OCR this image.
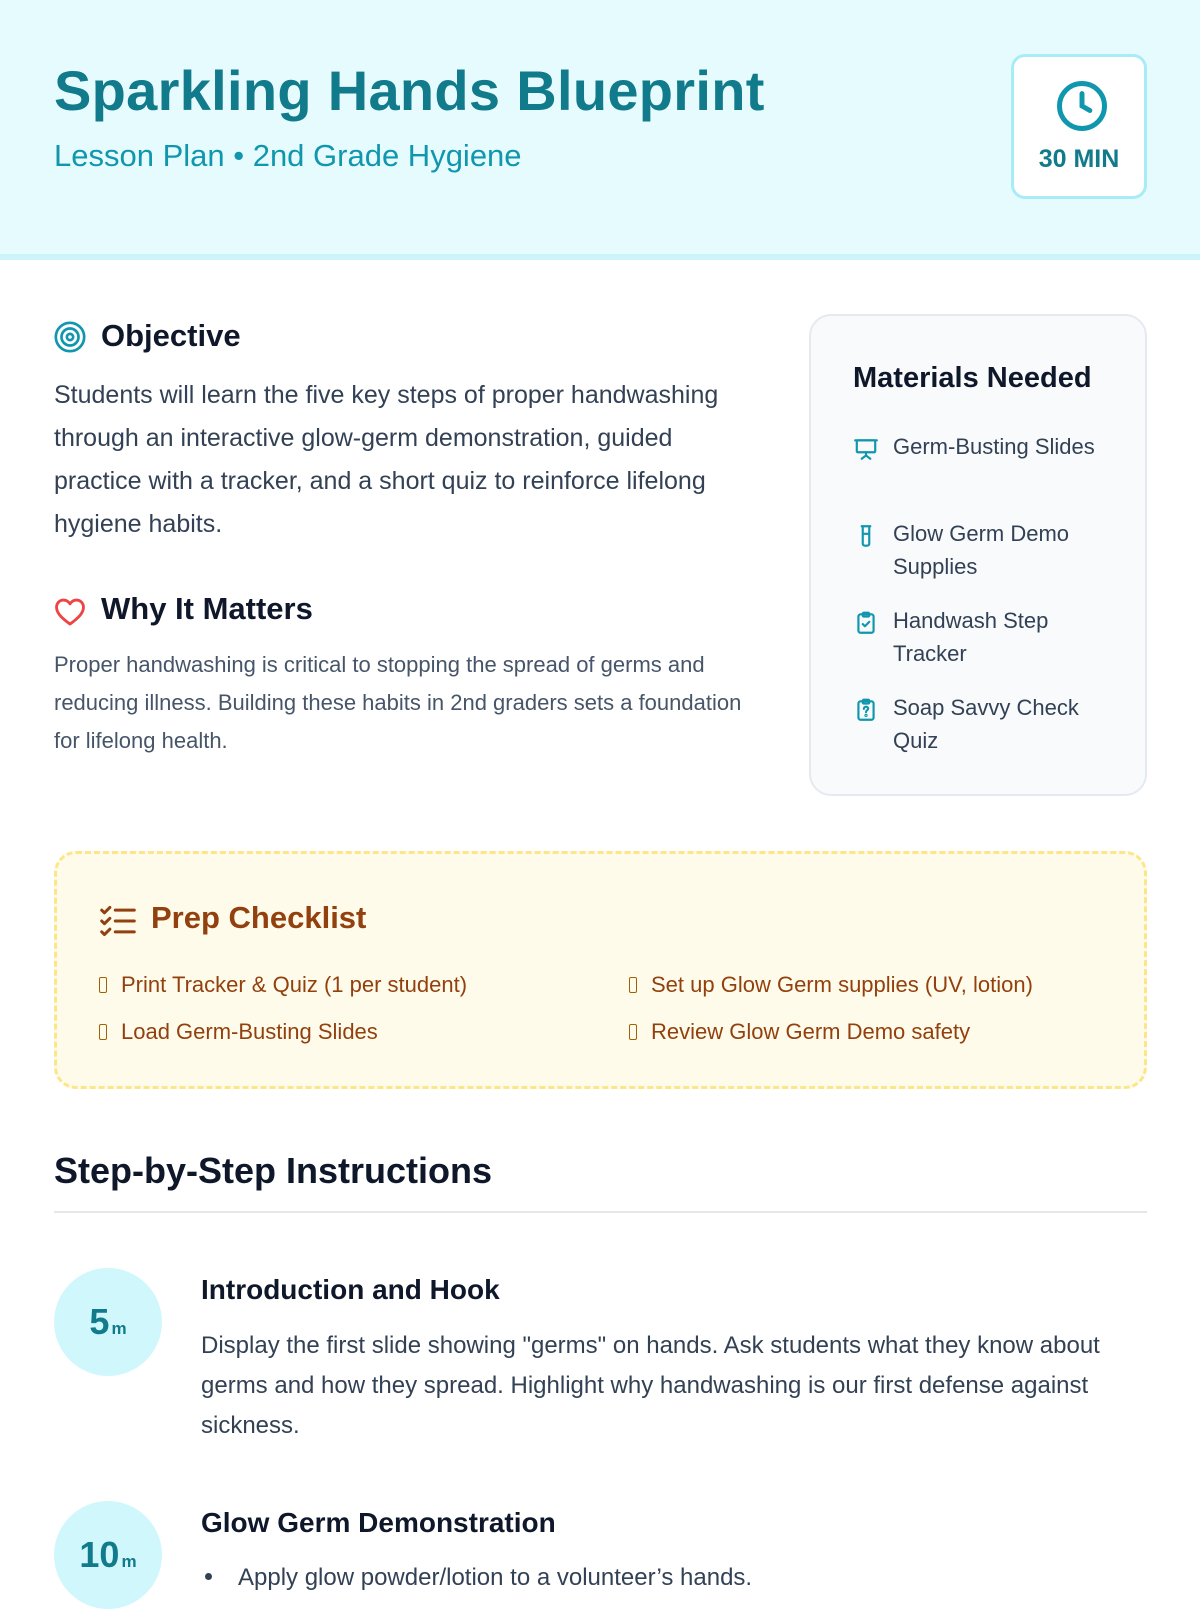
Sparkling Hands Blueprint
Lesson Plan • 2nd Grade Hygiene	30 MIN
Objective
Students will learn the five key steps of proper handwashing through an interactive glow-germ demonstration, guided practice with a tracker, and a short quiz to reinforce lifelong hygiene habits.
Why It Matters
Proper handwashing is critical to stopping the spread of germs and reducing illness. Building these habits in 2nd graders sets a foundation for lifelong health.
Materials Needed
Germ-Busting Slides
Glow Germ Demo Supplies
Handwash Step Tracker
Soap Savvy Check Quiz
Prep Checklist
Print Tracker & Quiz (1 per student)	Set up Glow Germ supplies (UV, lotion)
Load Germ-Busting Slides	Review Glow Germ Demo safety
Step-by-Step Instructions
5 m
Introduction and Hook
Display the first slide showing "germs" on hands. Ask students what they know about germs and how they spread. Highlight why handwashing is our first defense against sickness.
10 m
Glow Germ Demonstration
Apply glow powder/lotion to a volunteer’s hands.
